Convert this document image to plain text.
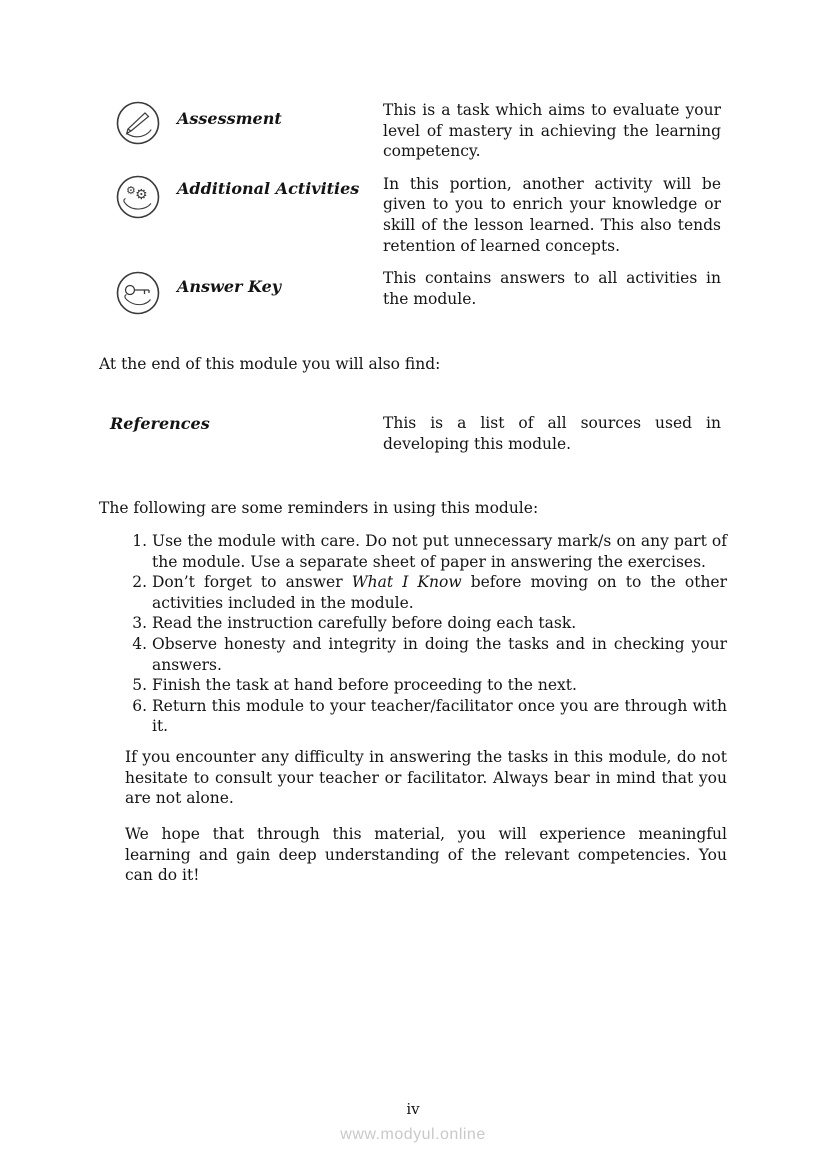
Assessment	This is a task which aims to evaluate your level of mastery in achieving the learning competency.
⚙ ⚙ Additional Activities	In this portion, another activity will be given to you to enrich your knowledge or skill of the lesson learned. This also tends retention of learned concepts.
Answer Key	This contains answers to all activities in the module.
At the end of this module you will also find:
References	This is a list of all sources used in developing this module.
The following are some reminders in using this module:
1. Use the module with care. Do not put unnecessary mark/s on any part of the module. Use a separate sheet of paper in answering the exercises.
2. Don’t forget to answer What I Know before moving on to the other activities included in the module.
3. Read the instruction carefully before doing each task.
4. Observe honesty and integrity in doing the tasks and in checking your answers.
5. Finish the task at hand before proceeding to the next.
6. Return this module to your teacher/facilitator once you are through with it.

If you encounter any difficulty in answering the tasks in this module, do not hesitate to consult your teacher or facilitator. Always bear in mind that you are not alone.

We hope that through this material, you will experience meaningful learning and gain deep understanding of the relevant competencies. You can do it!

iv
www.modyul.online
